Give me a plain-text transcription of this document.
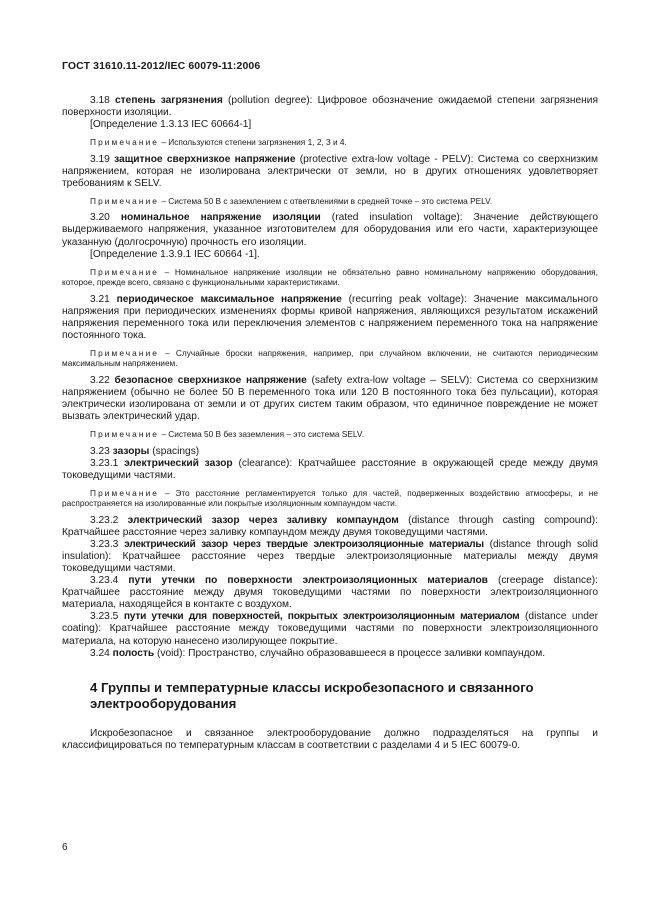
ГОСТ 31610.11-2012/IEC 60079-11:2006

3.18 степень загрязнения (pollution degree): Цифровое обозначение ожидаемой степени загрязнения поверхности изоляции.

[Определение 1.3.13 IEC 60664-1]

Примечание – Используются степени загрязнения 1, 2, 3 и 4.

3.19 защитное сверхнизкое напряжение (protective extra-low voltage - PELV): Система со сверхнизким напряжением, которая не изолирована электрически от земли, но в других отношениях удовлетворяет требованиям к SELV.

Примечание – Система 50 В с заземлением с ответвлениями в средней точке – это система PELV.

3.20 номинальное напряжение изоляции (rated insulation voltage): Значение действующего выдерживаемого напряжения, указанное изготовителем для оборудования или его части, характеризующее указанную (долгосрочную) прочность его изоляции.

[Определение 1.3.9.1 IEC 60664 -1].

Примечание – Номинальное напряжение изоляции не обязательно равно номинальному напряжению оборудования, которое, прежде всего, связано с функциональными характеристиками.

3.21 периодическое максимальное напряжение (recurring peak voltage): Значение максимального напряжения при периодических изменениях формы кривой напряжения, являющихся результатом искажений напряжения переменного тока или переключения элементов с напряжением переменного тока на напряжение постоянного тока.

Примечание – Случайные броски напряжения, например, при случайном включении, не считаются периодическим максимальным напряжением.

3.22 безопасное сверхнизкое напряжение (safety extra-low voltage – SELV): Система со сверхнизким напряжением (обычно не более 50 В переменного тока или 120 В постоянного тока без пульсации), которая электрически изолирована от земли и от других систем таким образом, что единичное повреждение не может вызвать электрический удар.

Примечание – Система 50 В без заземления – это система SELV.

3.23 зазоры (spacings)

3.23.1 электрический зазор (clearance): Кратчайшее расстояние в окружающей среде между двумя токоведущими частями.

Примечание – Это расстояние регламентируется только для частей, подверженных воздействию атмосферы, и не распространяется на изолированные или покрытые изоляционным компаундом части.

3.23.2 электрический зазор через заливку компаундом (distance through casting compound): Кратчайшее расстояние через заливку компаундом между двумя токоведущими частями.

3.23.3 электрический зазор через твердые электроизоляционные материалы (distance through solid insulation): Кратчайшее расстояние через твердые электроизоляционные материалы между двумя токоведущими частями.

3.23.4 пути утечки по поверхности электроизоляционных материалов (creepage distance): Кратчайшее расстояние между двумя токоведущими частями по поверхности электроизоляционного материала, находящейся в контакте с воздухом.

3.23.5 пути утечки для поверхностей, покрытых электроизоляционным материалом (distance under coating): Кратчайшее расстояние между токоведущими частями по поверхности электроизоляционного материала, на которую нанесено изолирующее покрытие.

3.24 полость (void): Пространство, случайно образовавшееся в процессе заливки компаундом.

4 Группы и температурные классы искробезопасного и связанного электрооборудования

Искробезопасное и связанное электрооборудование должно подразделяться на группы и классифицироваться по температурным классам в соответствии с разделами 4 и 5 IEC 60079-0.

6
